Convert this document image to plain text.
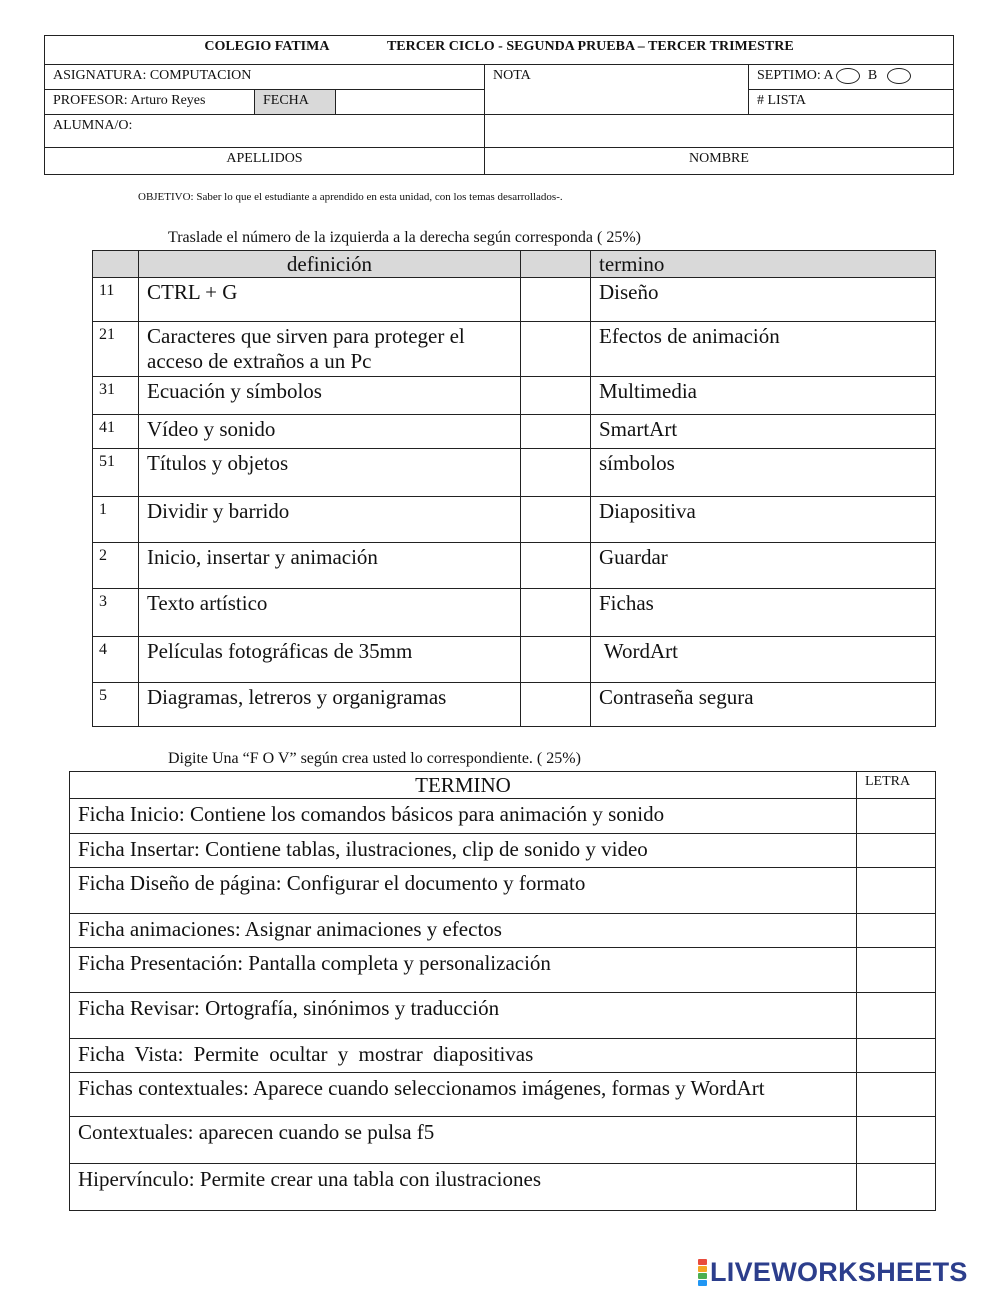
COLEGIO FATIMA TERCER CICLO - SEGUNDA PRUEBA – TERCER TRIMESTRE				
ASIGNATURA: COMPUTACION			NOTA	SEPTIMO: A B
PROFESOR: Arturo Reyes	FECHA			# LISTA
ALUMNA/O:				
APELLIDOS			NOMBRE	
OBJETIVO: Saber lo que el estudiante a aprendido en esta unidad, con los temas desarrollados-.
Traslade el número de la izquierda a la derecha según corresponda ( 25%)
	definición		termino
11	CTRL + G		Diseño
21	Caracteres que sirven para proteger el acceso de extraños a un Pc		Efectos de animación
31	Ecuación y símbolos		Multimedia
41	Vídeo y sonido		SmartArt
51	Títulos y objetos		símbolos
1	Dividir y barrido		Diapositiva
2	Inicio, insertar y animación		Guardar
3	Texto artístico		Fichas
4	Películas fotográficas de 35mm		WordArt
5	Diagramas, letreros y organigramas		Contraseña segura
Digite Una “F O V” según crea usted lo correspondiente. ( 25%)
TERMINO	LETRA
Ficha Inicio: Contiene los comandos básicos para animación y sonido	
Ficha Insertar: Contiene tablas, ilustraciones, clip de sonido y video	
Ficha Diseño de página: Configurar el documento y formato	
Ficha animaciones: Asignar animaciones y efectos	
Ficha Presentación: Pantalla completa y personalización	
Ficha Revisar: Ortografía, sinónimos y traducción	
Ficha Vista: Permite ocultar y mostrar diapositivas	
Fichas contextuales: Aparece cuando seleccionamos imágenes, formas y WordArt	
Contextuales: aparecen cuando se pulsa f5	
Hipervínculo: Permite crear una tabla con ilustraciones	
LIVEWORKSHEETS
